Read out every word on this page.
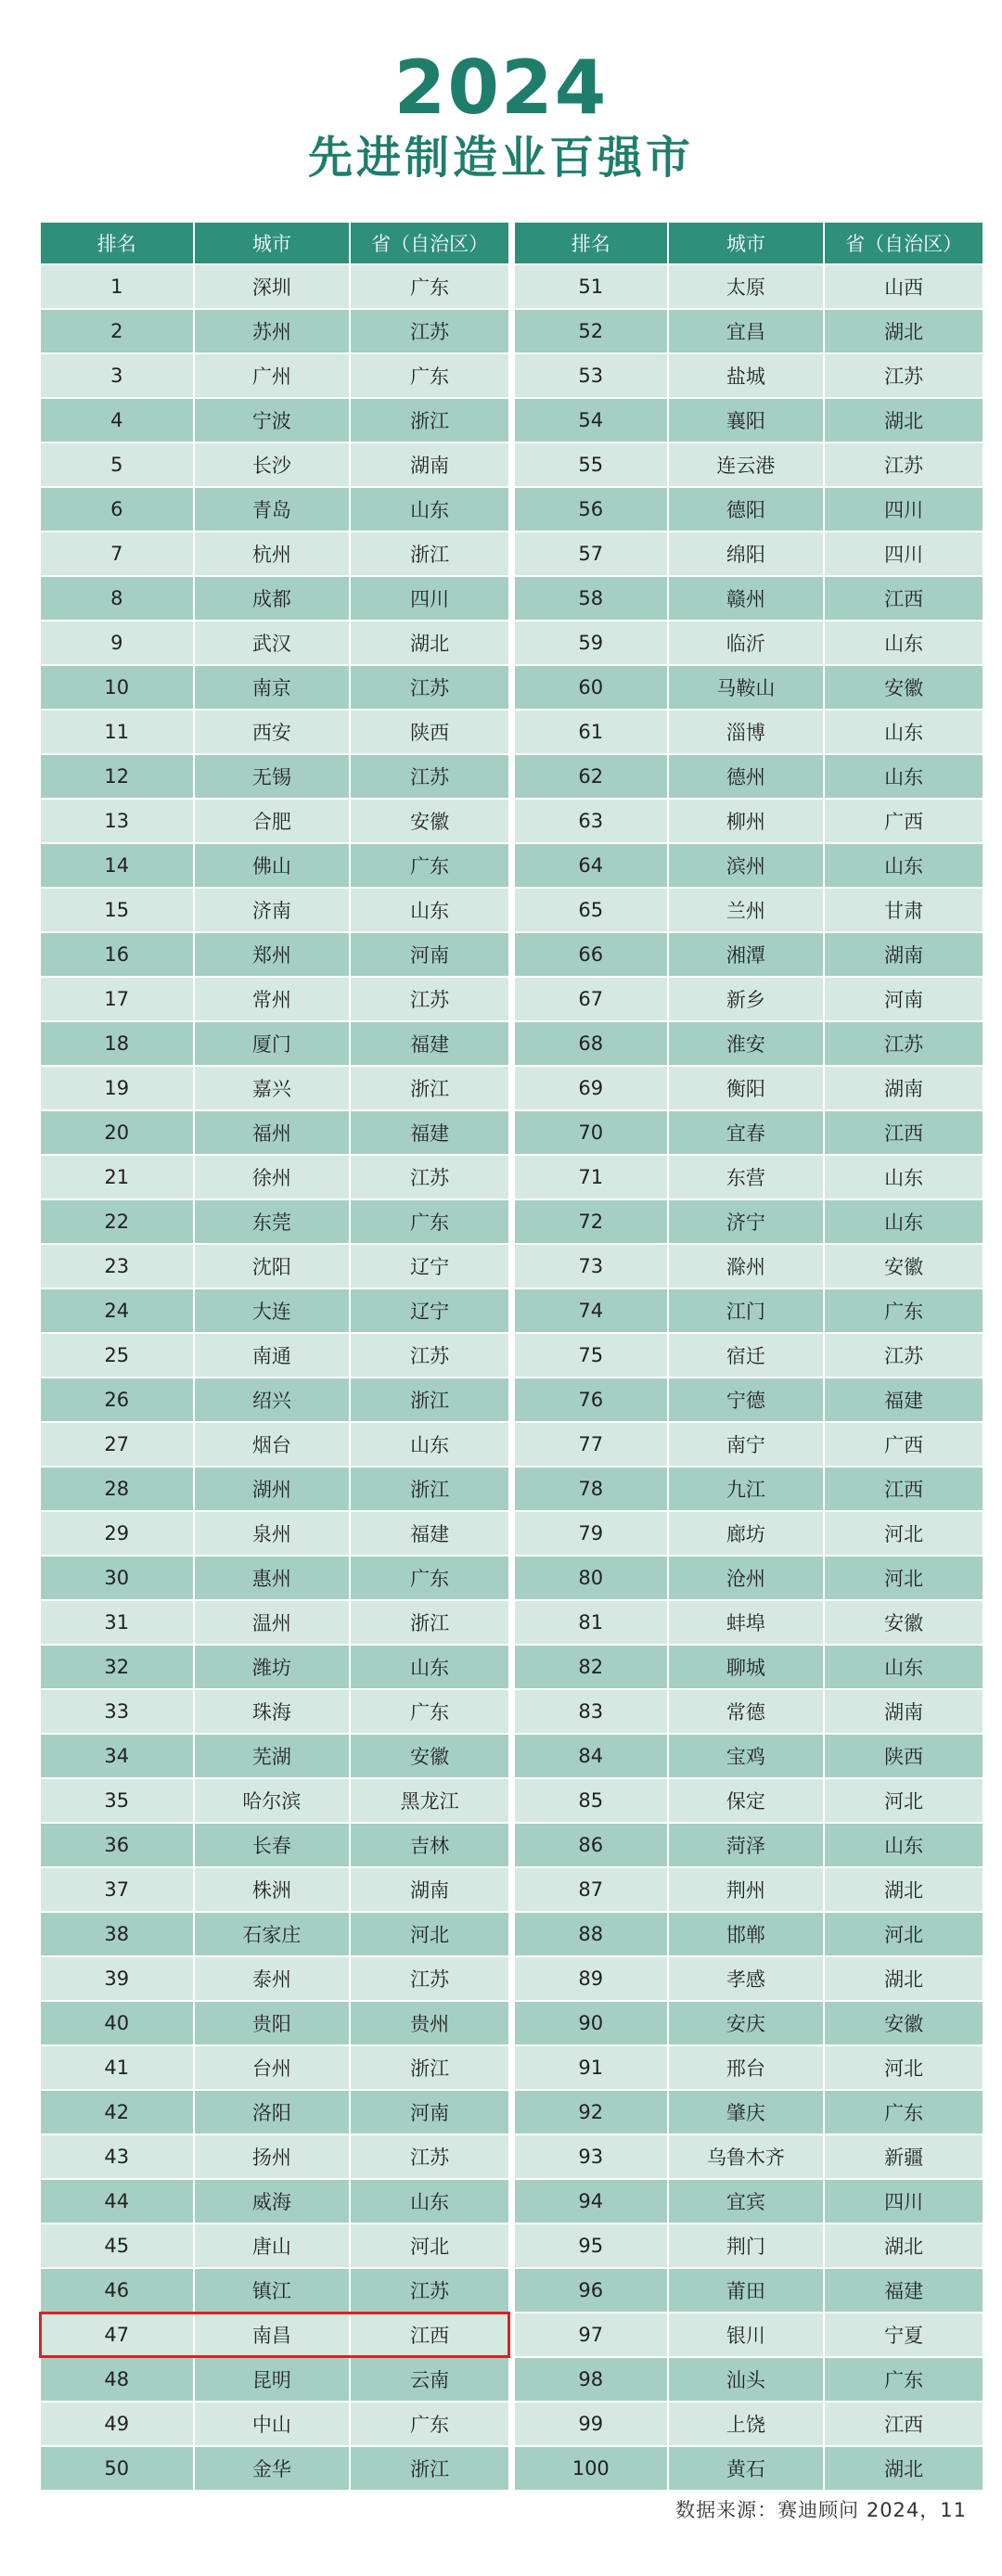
2024
先进制造业百强市
排名	城市	省（自治区）
1	深圳	广东
2	苏州	江苏
3	广州	广东
4	宁波	浙江
5	长沙	湖南
6	青岛	山东
7	杭州	浙江
8	成都	四川
9	武汉	湖北
10	南京	江苏
11	西安	陕西
12	无锡	江苏
13	合肥	安徽
14	佛山	广东
15	济南	山东
16	郑州	河南
17	常州	江苏
18	厦门	福建
19	嘉兴	浙江
20	福州	福建
21	徐州	江苏
22	东莞	广东
23	沈阳	辽宁
24	大连	辽宁
25	南通	江苏
26	绍兴	浙江
27	烟台	山东
28	湖州	浙江
29	泉州	福建
30	惠州	广东
31	温州	浙江
32	潍坊	山东
33	珠海	广东
34	芜湖	安徽
35	哈尔滨	黑龙江
36	长春	吉林
37	株洲	湖南
38	石家庄	河北
39	泰州	江苏
40	贵阳	贵州
41	台州	浙江
42	洛阳	河南
43	扬州	江苏
44	威海	山东
45	唐山	河北
46	镇江	江苏
47	南昌	江西
48	昆明	云南
49	中山	广东
50	金华	浙江
排名	城市	省（自治区）
51	太原	山西
52	宜昌	湖北
53	盐城	江苏
54	襄阳	湖北
55	连云港	江苏
56	德阳	四川
57	绵阳	四川
58	赣州	江西
59	临沂	山东
60	马鞍山	安徽
61	淄博	山东
62	德州	山东
63	柳州	广西
64	滨州	山东
65	兰州	甘肃
66	湘潭	湖南
67	新乡	河南
68	淮安	江苏
69	衡阳	湖南
70	宜春	江西
71	东营	山东
72	济宁	山东
73	滁州	安徽
74	江门	广东
75	宿迁	江苏
76	宁德	福建
77	南宁	广西
78	九江	江西
79	廊坊	河北
80	沧州	河北
81	蚌埠	安徽
82	聊城	山东
83	常德	湖南
84	宝鸡	陕西
85	保定	河北
86	菏泽	山东
87	荆州	湖北
88	邯郸	河北
89	孝感	湖北
90	安庆	安徽
91	邢台	河北
92	肇庆	广东
93	乌鲁木齐	新疆
94	宜宾	四川
95	荆门	湖北
96	莆田	福建
97	银川	宁夏
98	汕头	广东
99	上饶	江西
100	黄石	湖北
数据来源：赛迪顾问 2024，11
